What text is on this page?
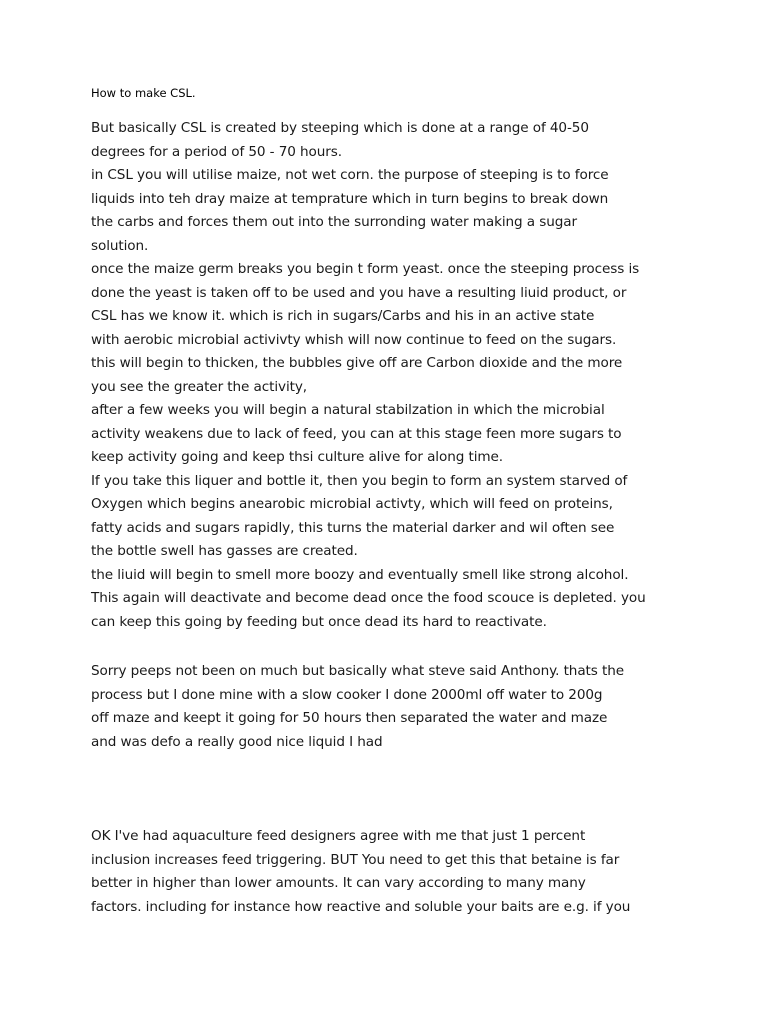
How to make CSL.
But basically CSL is created by steeping which is done at a range of 40-50
degrees for a period of 50 - 70 hours.
in CSL you will utilise maize, not wet corn. the purpose of steeping is to force
liquids into teh dray maize at temprature which in turn begins to break down
the carbs and forces them out into the surronding water making a sugar
solution.
once the maize germ breaks you begin t form yeast. once the steeping process is
done the yeast is taken off to be used and you have a resulting liuid product, or
CSL has we know it. which is rich in sugars/Carbs and his in an active state
with aerobic microbial activivty whish will now continue to feed on the sugars.
this will begin to thicken, the bubbles give off are Carbon dioxide and the more
you see the greater the activity,
after a few weeks you will begin a natural stabilzation in which the microbial
activity weakens due to lack of feed, you can at this stage feen more sugars to
keep activity going and keep thsi culture alive for along time.
If you take this liquer and bottle it, then you begin to form an system starved of
Oxygen which begins anearobic microbial activty, which will feed on proteins,
fatty acids and sugars rapidly, this turns the material darker and wil often see
the bottle swell has gasses are created.
the liuid will begin to smell more boozy and eventually smell like strong alcohol.
This again will deactivate and become dead once the food scouce is depleted. you
can keep this going by feeding but once dead its hard to reactivate.
Sorry peeps not been on much but basically what steve said Anthony. thats the
process but I done mine with a slow cooker I done 2000ml off water to 200g
off maze and keept it going for 50 hours then separated the water and maze
and was defo a really good nice liquid I had
OK I've had aquaculture feed designers agree with me that just 1 percent
inclusion increases feed triggering. BUT You need to get this that betaine is far
better in higher than lower amounts. It can vary according to many many
factors. including for instance how reactive and soluble your baits are e.g. if you
